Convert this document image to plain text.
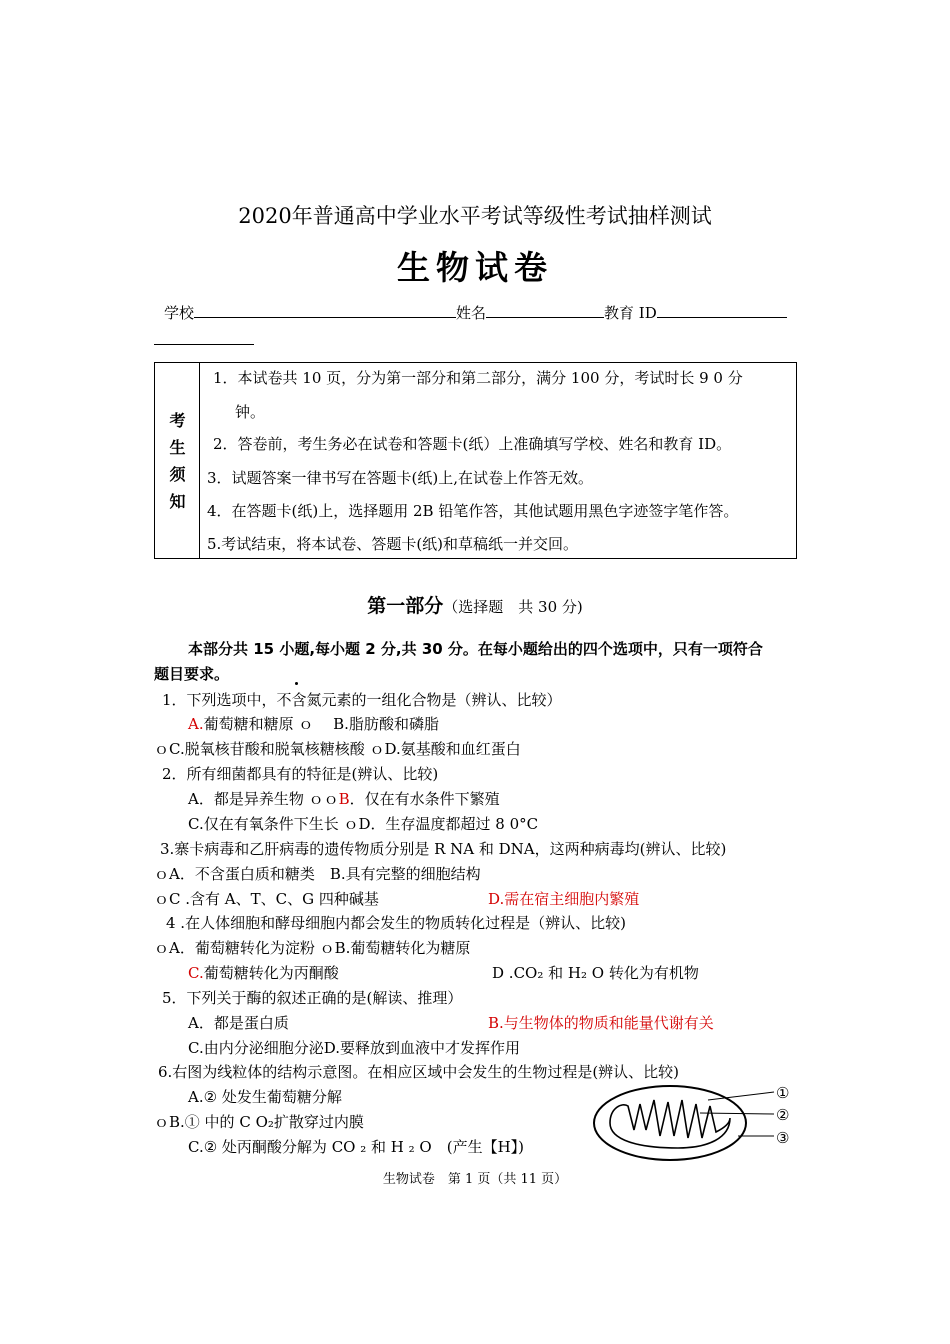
2020年普通高中学业水平考试等级性考试抽样测试
生物试卷
学校	姓名	教育 ID
考
生
须
知
1．本试卷共 10 页，分为第一部分和第二部分，满分 100 分，考试时长 9 0 分
钟。
2．答卷前，考生务必在试卷和答题卡(纸）上准确填写学校、姓名和教育 ID。
3．试题答案一律书写在答题卡(纸)上,在试卷上作答无效。
4．在答题卡(纸)上，选择题用 2B 铅笔作答，其他试题用黑色字迹签字笔作答。
5.考试结束，将本试卷、答题卡(纸)和草稿纸一并交回。
第一部分（选择题　共 30 分)
本部分共 15 小题,每小题 2 分,共 30 分。在每小题给出的四个选项中，只有一项符合
题目要求。
1．下列选项中，不含氮元素的一组化合物是（辨认、比较）
A.葡萄糖和糖原 ｏ　 B.脂肪酸和磷脂
ｏC.脱氧核苷酸和脱氧核糖核酸 ｏD.氨基酸和血红蛋白
2．所有细菌都具有的特征是(辨认、比较)
A．都是异养生物 ｏｏB．仅在有水条件下繁殖
C.仅在有氧条件下生长 ｏD．生存温度都超过 8 0°C
3.寨卡病毒和乙肝病毒的遗传物质分别是 R NA 和 DNA，这两种病毒均(辨认、比较)
ｏA．不含蛋白质和糖类　B.具有完整的细胞结构
ｏC .含有 A、T、C、G 四种碱基	D.需在宿主细胞内繁殖
4 .在人体细胞和酵母细胞内都会发生的物质转化过程是（辨认、比较)
ｏA．葡萄糖转化为淀粉 ｏB.葡萄糖转化为糖原
C.葡萄糖转化为丙酮酸	D .CO₂ 和 H₂ O 转化为有机物
5．下列关于酶的叙述正确的是(解读、推理）
A．都是蛋白质	B.与生物体的物质和能量代谢有关
C.由内分泌细胞分泌D.要释放到血液中才发挥作用
6.右图为线粒体的结构示意图。在相应区域中会发生的生物过程是(辨认、比较)
A.② 处发生葡萄糖分解
ｏB.① 中的 C O₂扩散穿过内膜
C.② 处丙酮酸分解为 CO ₂ 和 H ₂ O　(产生【H】)
①
②
③
生物试卷　第 1 页（共 11 页）
